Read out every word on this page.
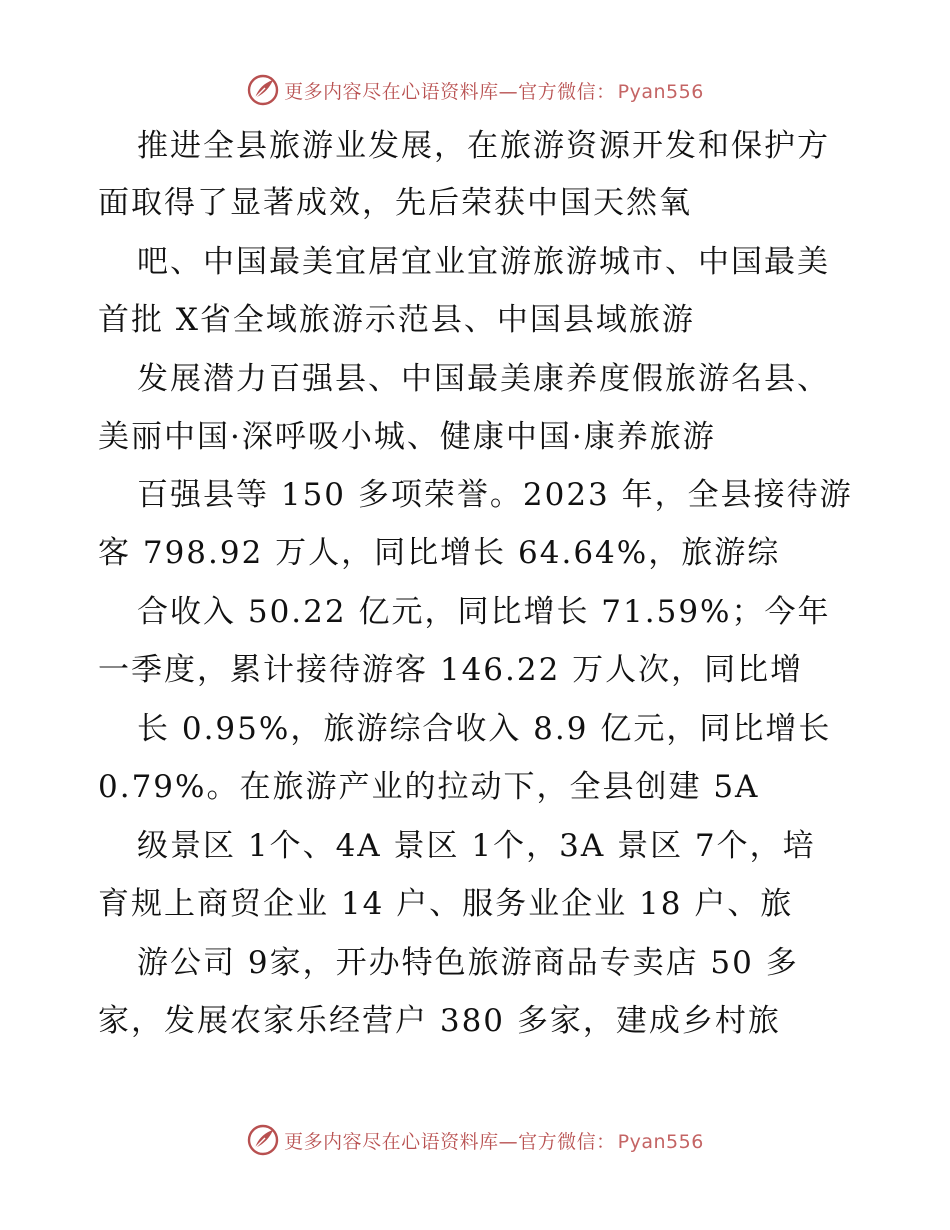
更多内容尽在心语资料库—官方微信： Pyan556
推进全县旅游业发展，在旅游资源开发和保护方
面取得了显著成效，先后荣获中国天然氧
吧、中国最美宜居宜业宜游旅游城市、中国最美
首批 X省全域旅游示范县、中国县域旅游
发展潜力百强县、中国最美康养度假旅游名县、
美丽中国·深呼吸小城、健康中国·康养旅游
百强县等 150 多项荣誉。2023 年，全县接待游
客 798.92 万人，同比增长 64.64%，旅游综
合收入 50.22 亿元，同比增长 71.59%；今年
一季度，累计接待游客 146.22 万人次，同比增
长 0.95%，旅游综合收入 8.9 亿元，同比增长
0.79%。在旅游产业的拉动下，全县创建 5A
级景区 1个、4A 景区 1个，3A 景区 7个，培
育规上商贸企业 14 户、服务业企业 18 户、旅
游公司 9家，开办特色旅游商品专卖店 50 多
家，发展农家乐经营户 380 多家，建成乡村旅
更多内容尽在心语资料库—官方微信： Pyan556
